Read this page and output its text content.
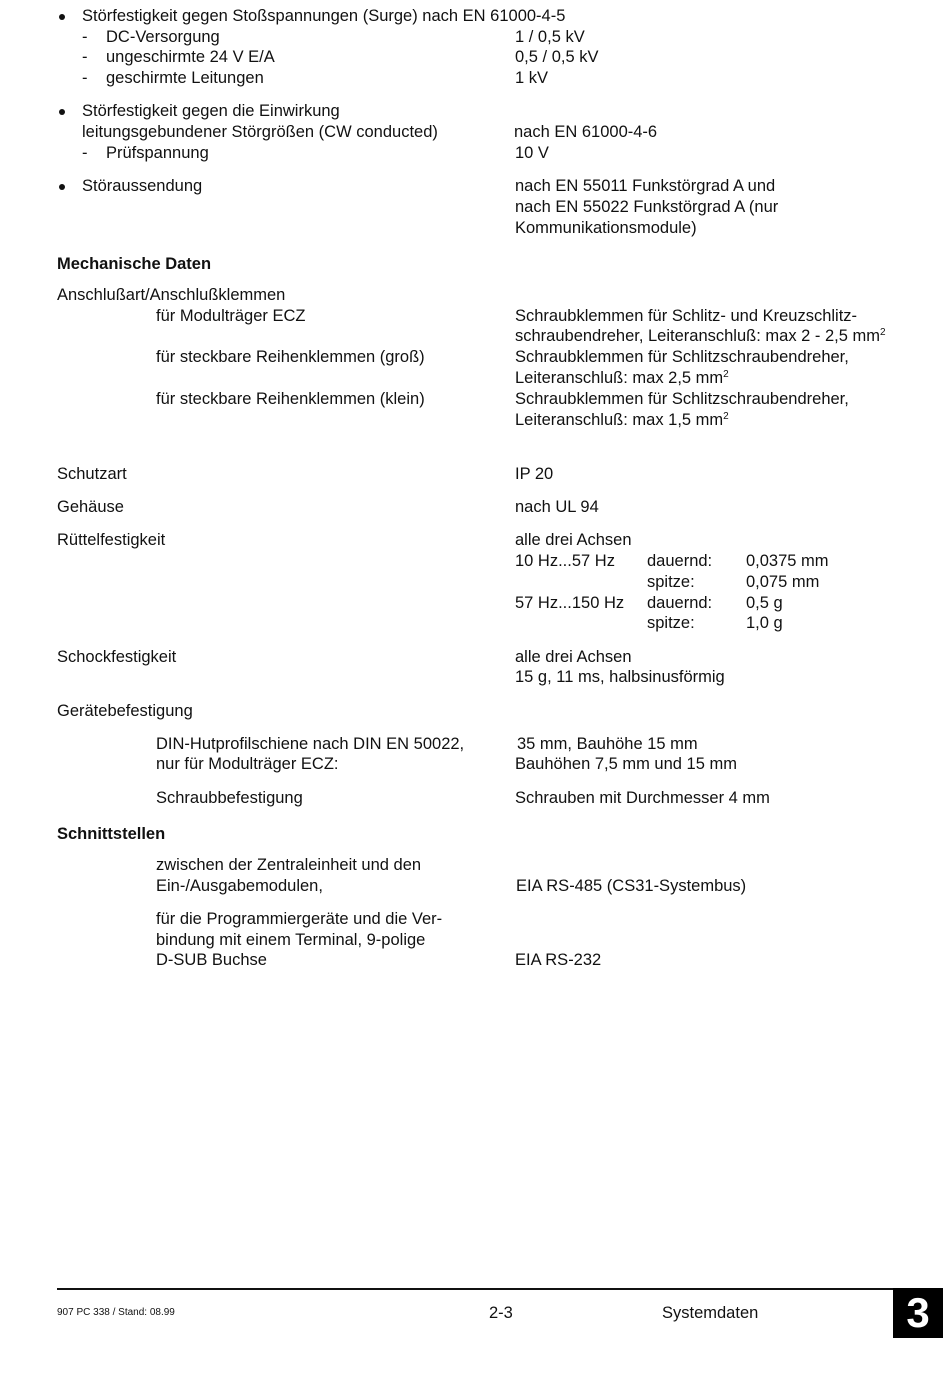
Störfestigkeit gegen Stoßspannungen (Surge) nach EN 61000-4-5
- DC-Versorgung	1 / 0,5 kV
- ungeschirmte 24 V E/A	0,5 / 0,5 kV
- geschirmte Leitungen	1 kV
Störfestigkeit gegen die Einwirkung
leitungsgebundener Störgrößen (CW conducted)	nach EN 61000-4-6
- Prüfspannung	10 V
Störaussendung	nach EN 55011 Funkstörgrad A und
nach EN 55022 Funkstörgrad A (nur
Kommunikationsmodule)
Mechanische Daten
Anschlußart/Anschlußklemmen
für Modulträger ECZ	Schraubklemmen für Schlitz- und Kreuzschlitz-
schraubendreher, Leiteranschluß: max 2 - 2,5 $mm^2$
für steckbare Reihenklemmen (groß)	Schraubklemmen für Schlitzschraubendreher,
Leiteranschluß: max 2,5 $mm^2$
für steckbare Reihenklemmen (klein)	Schraubklemmen für Schlitzschraubendreher,
Leiteranschluß: max 1,5 $mm^2$
Schutzart	IP 20
Gehäuse	nach UL 94
Rüttelfestigkeit	alle drei Achsen
10 Hz...57 Hz dauernd: 0,0375 mm
spitze:	0,075 mm
57 Hz...150 Hz dauernd: 0,5 g
spitze:	1,0 g
Schockfestigkeit	alle drei Achsen
15 g, 11 ms, halbsinusförmig
Gerätebefestigung
DIN-Hutprofilschiene nach DIN EN 50022,	35 mm, Bauhöhe 15 mm
nur für Modulträger ECZ:	Bauhöhen 7,5 mm und 15 mm
Schraubbefestigung	Schrauben mit Durchmesser 4 mm
Schnittstellen
zwischen der Zentraleinheit und den
Ein-/Ausgabemodulen,	EIA RS-485 (CS31-Systembus)
für die Programmiergeräte und die Ver-
bindung mit einem Terminal, 9-polige
D-SUB Buchse	EIA RS-232
907 PC 338 / Stand: 08.99	2-3	Systemdaten	3
